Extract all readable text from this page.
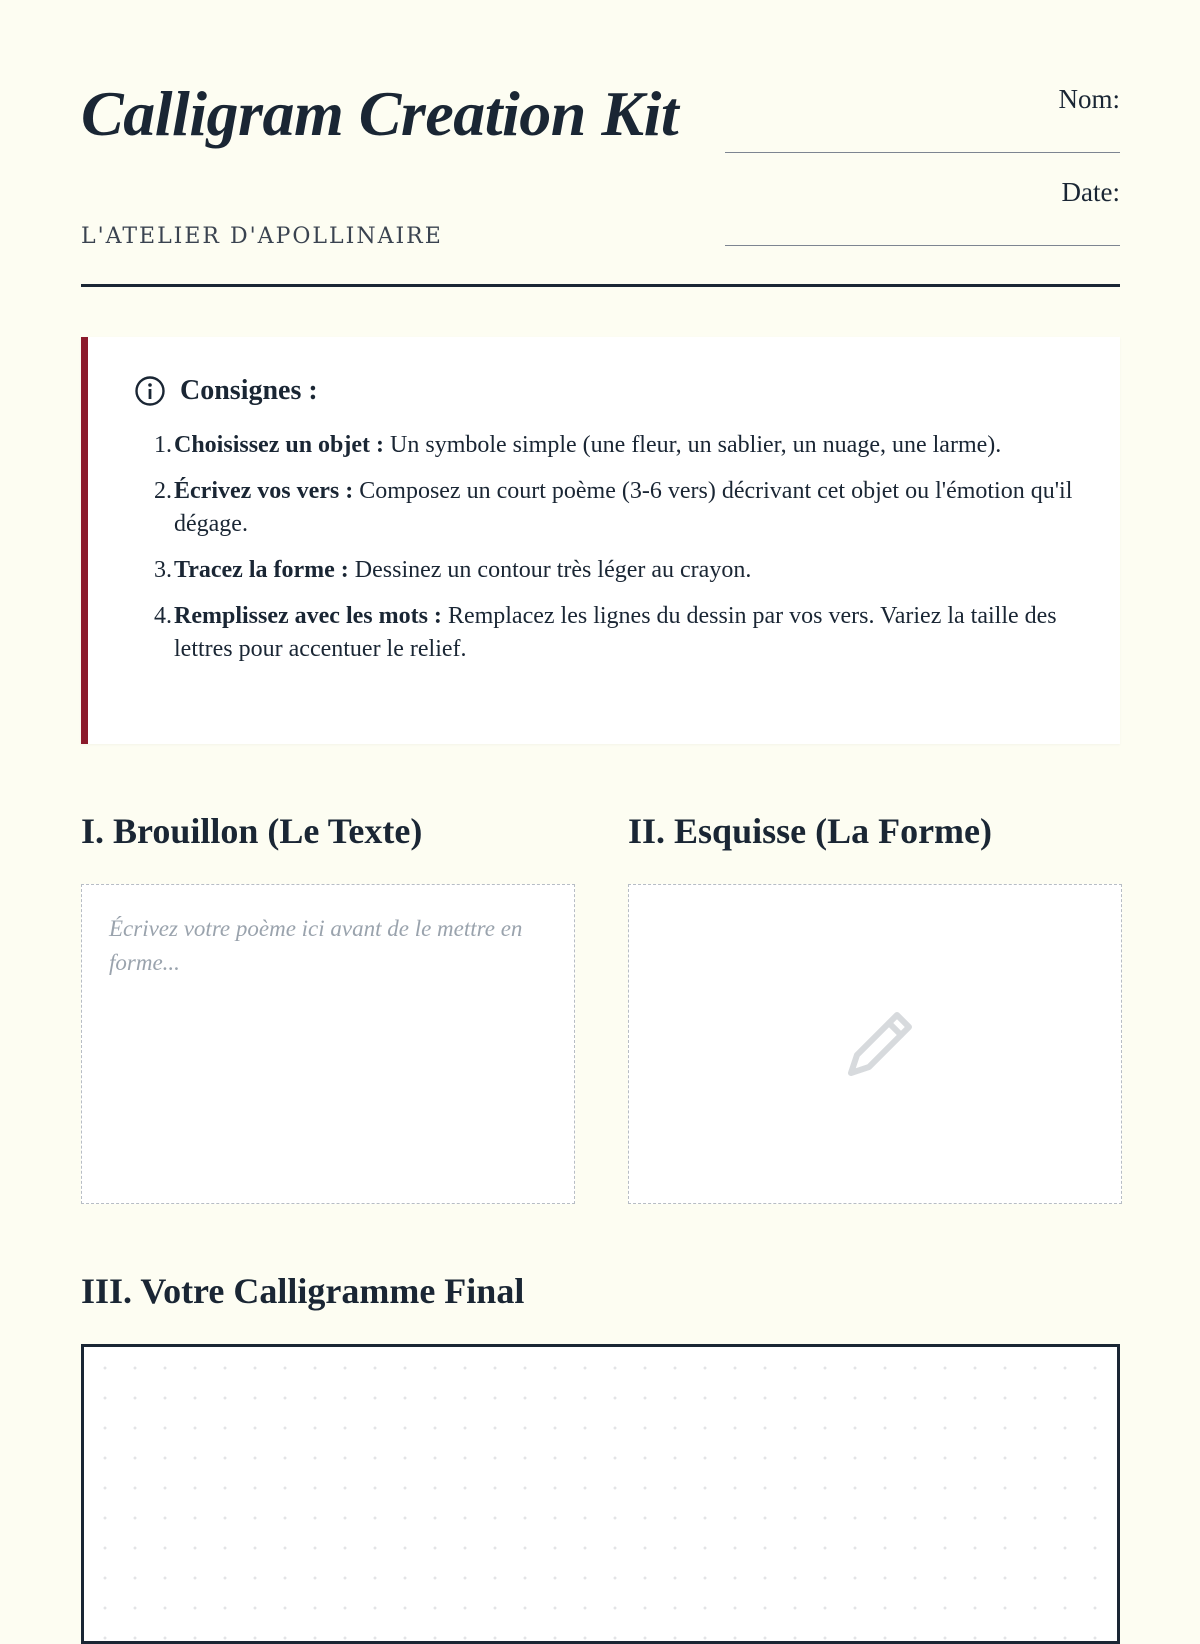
Calligram Creation Kit
L'ATELIER D'APOLLINAIRE
Nom:
Date:
Consignes :
1. Choisissez un objet : Un symbole simple (une fleur, un sablier, un nuage, une larme).
2. Écrivez vos vers : Composez un court poème (3-6 vers) décrivant cet objet ou l'émotion qu'il dégage.
3. Tracez la forme : Dessinez un contour très léger au crayon.
4. Remplissez avec les mots : Remplacez les lignes du dessin par vos vers. Variez la taille des lettres pour accentuer le relief.
I. Brouillon (Le Texte)	II. Esquisse (La Forme)
Écrivez votre poème ici avant de le mettre en forme...
III. Votre Calligramme Final
